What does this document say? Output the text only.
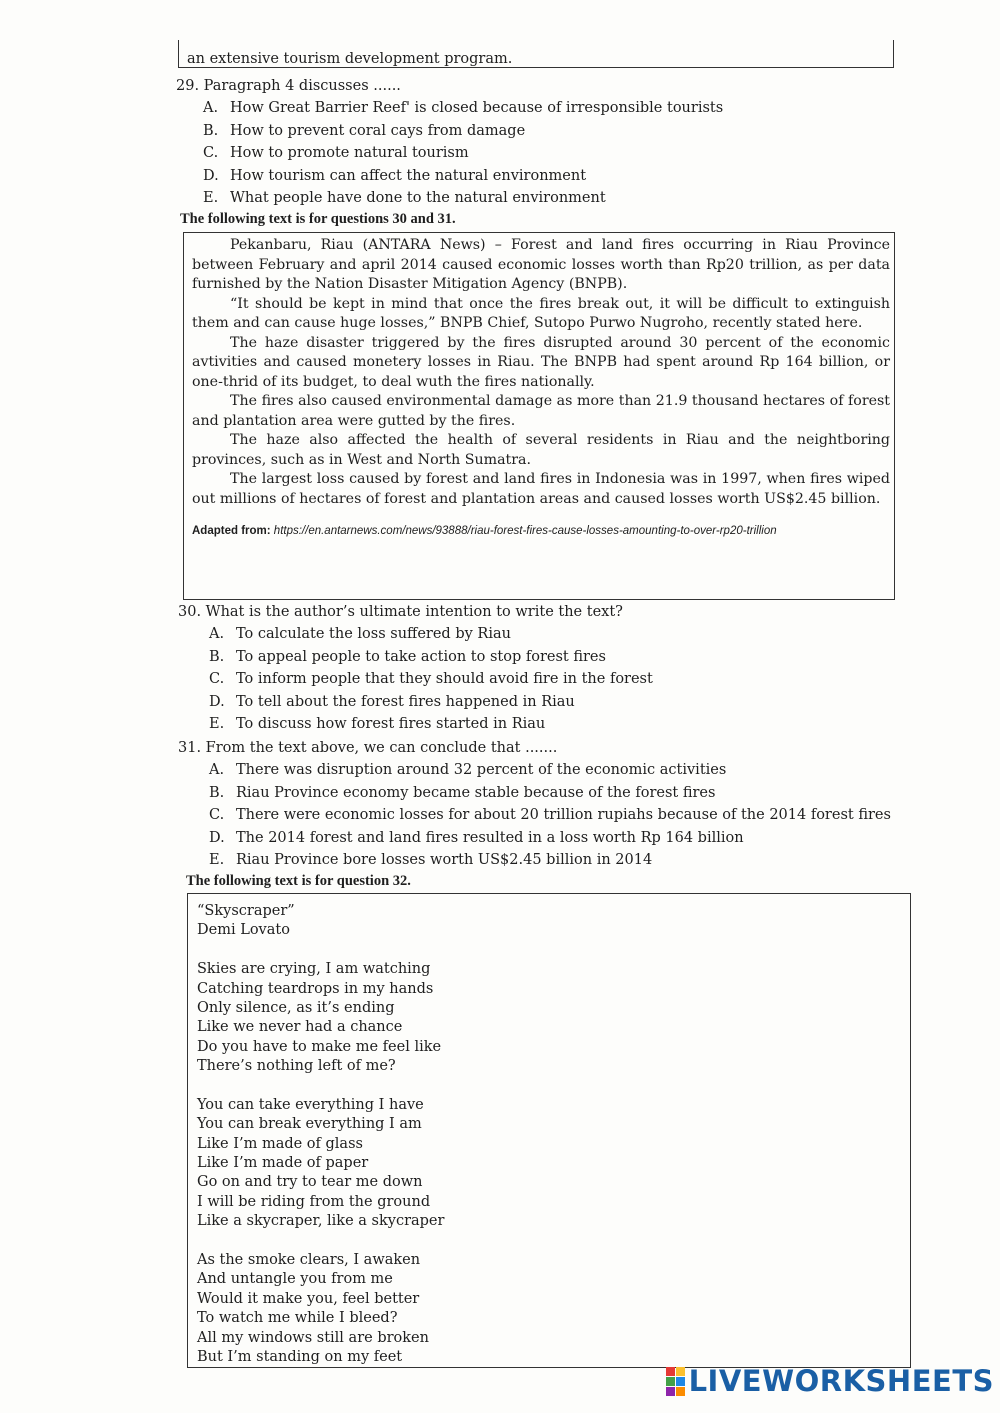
an extensive tourism development program.
29. Paragraph 4 discusses ......
A. How Great Barrier Reef' is closed because of irresponsible tourists
B. How to prevent coral cays from damage
C. How to promote natural tourism
D. How tourism can affect the natural environment
E. What people have done to the natural environment
The following text is for questions 30 and 31.

Pekanbaru, Riau (ANTARA News) – Forest and land fires occurring in Riau Province between February and april 2014 caused economic losses worth than Rp20 trillion, as per data furnished by the Nation Disaster Mitigation Agency (BNPB).

“It should be kept in mind that once the fires break out, it will be difficult to extinguish them and can cause huge losses,” BNPB Chief, Sutopo Purwo Nugroho, recently stated here.

The haze disaster triggered by the fires disrupted around 30 percent of the economic avtivities and caused monetery losses in Riau. The BNPB had spent around Rp 164 billion, or one-thrid of its budget, to deal wuth the fires nationally.

The fires also caused environmental damage as more than 21.9 thousand hectares of forest and plantation area were gutted by the fires.

The haze also affected the health of several residents in Riau and the neightboring provinces, such as in West and North Sumatra.

The largest loss caused by forest and land fires in Indonesia was in 1997, when fires wiped out millions of hectares of forest and plantation areas and caused losses worth US$2.45 billion.

Adapted from: https://en.antarnews.com/news/93888/riau-forest-fires-cause-losses-amounting-to-over-rp20-trillion
30. What is the author’s ultimate intention to write the text?
A. To calculate the loss suffered by Riau
B. To appeal people to take action to stop forest fires
C. To inform people that they should avoid fire in the forest
D. To tell about the forest fires happened in Riau
E. To discuss how forest fires started in Riau
31. From the text above, we can conclude that .......
A. There was disruption around 32 percent of the economic activities
B. Riau Province economy became stable because of the forest fires
C. There were economic losses for about 20 trillion rupiahs because of the 2014 forest fires
D. The 2014 forest and land fires resulted in a loss worth Rp 164 billion
E. Riau Province bore losses worth US$2.45 billion in 2014
The following text is for question 32.
“Skyscraper”
Demi Lovato
Skies are crying, I am watching
Catching teardrops in my hands
Only silence, as it’s ending
Like we never had a chance
Do you have to make me feel like
There’s nothing left of me?
You can take everything I have
You can break everything I am
Like I’m made of glass
Like I’m made of paper
Go on and try to tear me down
I will be riding from the ground
Like a skycraper, like a skycraper
As the smoke clears, I awaken
And untangle you from me
Would it make you, feel better
To watch me while I bleed?
All my windows still are broken
But I’m standing on my feet
LIVEWORKSHEETS
